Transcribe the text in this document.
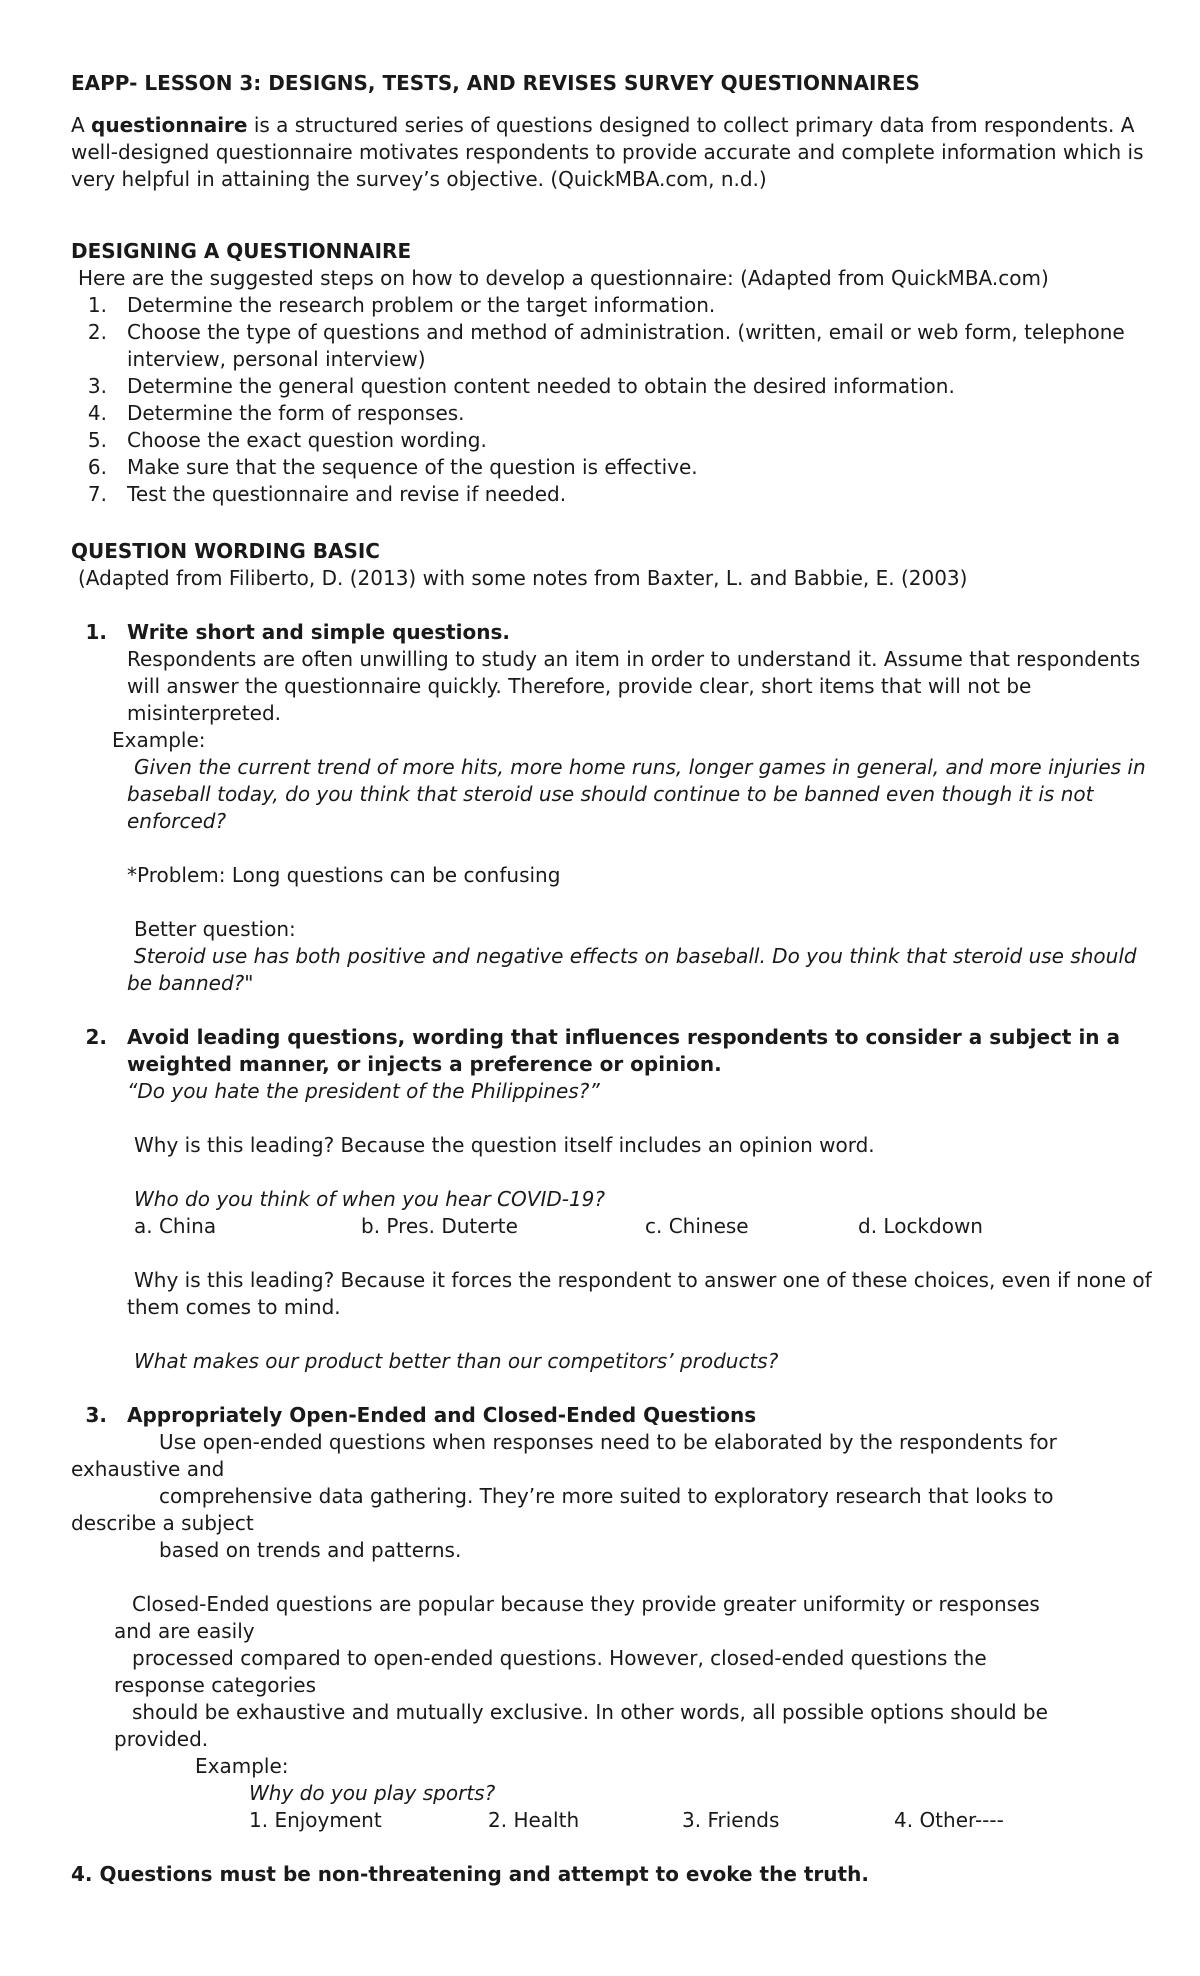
EAPP- LESSON 3: DESIGNS, TESTS, AND REVISES SURVEY QUESTIONNAIRES

A questionnaire is a structured series of questions designed to collect primary data from respondents. A well-designed questionnaire motivates respondents to provide accurate and complete information which is very helpful in attaining the survey’s objective. (QuickMBA.com, n.d.)

DESIGNING A QUESTIONNAIRE
Here are the suggested steps on how to develop a questionnaire: (Adapted from QuickMBA.com)
1.	Determine the research problem or the target information.
2.	Choose the type of questions and method of administration. (written, email or web form, telephone interview, personal interview)
3.	Determine the general question content needed to obtain the desired information.
4.	Determine the form of responses.
5.	Choose the exact question wording.
6.	Make sure that the sequence of the question is effective.
7.	Test the questionnaire and revise if needed.
QUESTION WORDING BASIC
(Adapted from Filiberto, D. (2013) with some notes from Baxter, L. and Babbie, E. (2003)
1.	Write short and simple questions.
Respondents are often unwilling to study an item in order to understand it. Assume that respondents will answer the questionnaire quickly. Therefore, provide clear, short items that will not be misinterpreted.
Example:
Given the current trend of more hits, more home runs, longer games in general, and more injuries in baseball today, do you think that steroid use should continue to be banned even though it is not enforced?
*Problem: Long questions can be confusing
Better question:
Steroid use has both positive and negative effects on baseball. Do you think that steroid use should be banned?"
2.	Avoid leading questions, wording that influences respondents to consider a subject in a weighted manner, or injects a preference or opinion.
“Do you hate the president of the Philippines?”
Why is this leading? Because the question itself includes an opinion word.
Who do you think of when you hear COVID-19?
a. China	b. Pres. Duterte	c. Chinese	d. Lockdown
Why is this leading? Because it forces the respondent to answer one of these choices, even if none of them comes to mind.
What makes our product better than our competitors’ products?
3.	Appropriately Open-Ended and Closed-Ended Questions
Use open-ended questions when responses need to be elaborated by the respondents for
exhaustive and
comprehensive data gathering. They’re more suited to exploratory research that looks to
describe a subject
based on trends and patterns.
Closed-Ended questions are popular because they provide greater uniformity or responses
and are easily
processed compared to open-ended questions. However, closed-ended questions the
response categories
should be exhaustive and mutually exclusive. In other words, all possible options should be
provided.
Example:
Why do you play sports?
1. Enjoyment	2. Health	3. Friends	4. Other----
4. Questions must be non-threatening and attempt to evoke the truth.
